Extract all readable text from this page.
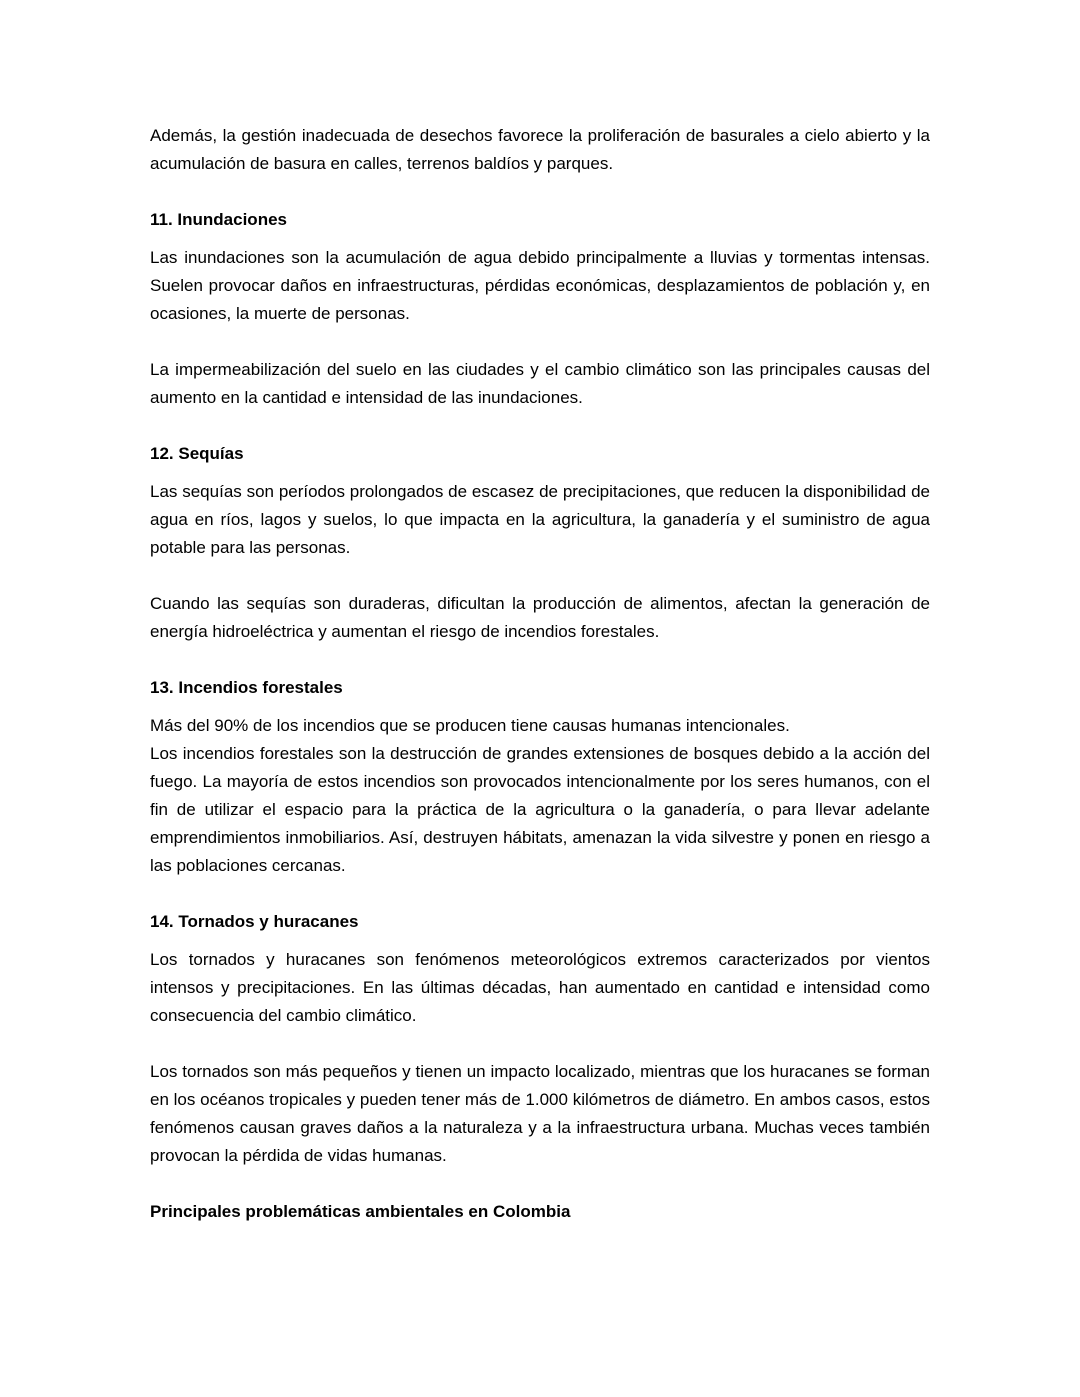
Además, la gestión inadecuada de desechos favorece la proliferación de basurales a cielo abierto y la acumulación de basura en calles, terrenos baldíos y parques.

11. Inundaciones

Las inundaciones son la acumulación de agua debido principalmente a lluvias y tormentas intensas. Suelen provocar daños en infraestructuras, pérdidas económicas, desplazamientos de población y, en ocasiones, la muerte de personas.

La impermeabilización del suelo en las ciudades y el cambio climático son las principales causas del aumento en la cantidad e intensidad de las inundaciones.

12. Sequías

Las sequías son períodos prolongados de escasez de precipitaciones, que reducen la disponibilidad de agua en ríos, lagos y suelos, lo que impacta en la agricultura, la ganadería y el suministro de agua potable para las personas.

Cuando las sequías son duraderas, dificultan la producción de alimentos, afectan la generación de energía hidroeléctrica y aumentan el riesgo de incendios forestales.

13. Incendios forestales

Más del 90% de los incendios que se producen tiene causas humanas intencionales.

Los incendios forestales son la destrucción de grandes extensiones de bosques debido a la acción del fuego. La mayoría de estos incendios son provocados intencionalmente por los seres humanos, con el fin de utilizar el espacio para la práctica de la agricultura o la ganadería, o para llevar adelante emprendimientos inmobiliarios. Así, destruyen hábitats, amenazan la vida silvestre y ponen en riesgo a las poblaciones cercanas.

14. Tornados y huracanes

Los tornados y huracanes son fenómenos meteorológicos extremos caracterizados por vientos intensos y precipitaciones. En las últimas décadas, han aumentado en cantidad e intensidad como consecuencia del cambio climático.

Los tornados son más pequeños y tienen un impacto localizado, mientras que los huracanes se forman en los océanos tropicales y pueden tener más de 1.000 kilómetros de diámetro. En ambos casos, estos fenómenos causan graves daños a la naturaleza y a la infraestructura urbana. Muchas veces también provocan la pérdida de vidas humanas.

Principales problemáticas ambientales en Colombia
